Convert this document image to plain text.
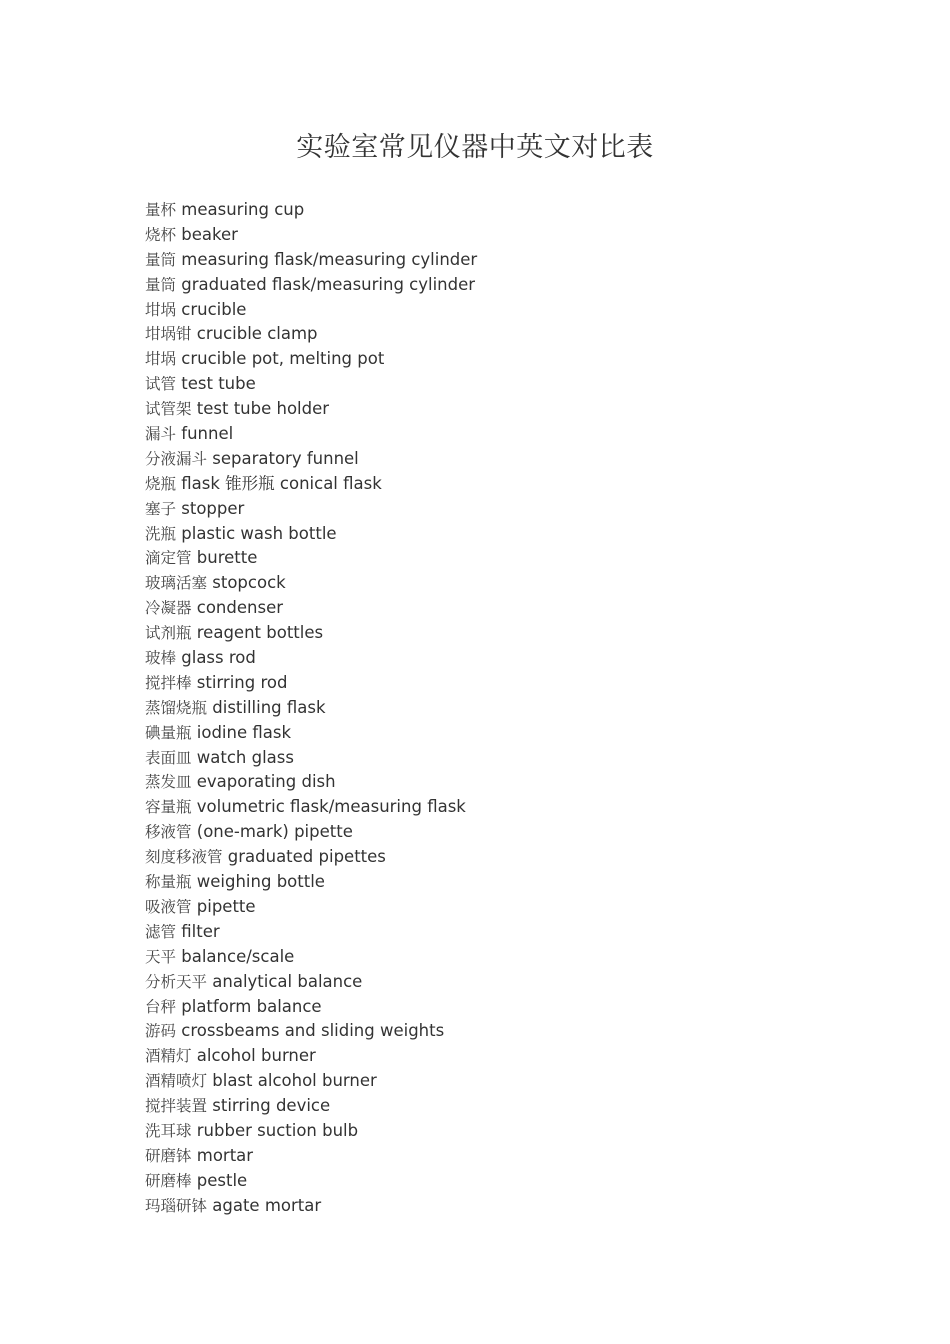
实验室常见仪器中英文对比表
量杯 measuring cup
烧杯 beaker
量筒 measuring flask/measuring cylinder
量筒 graduated flask/measuring cylinder
坩埚 crucible
坩埚钳 crucible clamp
坩埚 crucible pot, melting pot
试管 test tube
试管架 test tube holder
漏斗 funnel
分液漏斗 separatory funnel
烧瓶 flask 锥形瓶 conical flask
塞子 stopper
洗瓶 plastic wash bottle
滴定管 burette
玻璃活塞 stopcock
冷凝器 condenser
试剂瓶 reagent bottles
玻棒 glass rod
搅拌棒 stirring rod
蒸馏烧瓶 distilling flask
碘量瓶 iodine flask
表面皿 watch glass
蒸发皿 evaporating dish
容量瓶 volumetric flask/measuring flask
移液管 (one-mark) pipette
刻度移液管 graduated pipettes
称量瓶 weighing bottle
吸液管 pipette
滤管 filter
天平 balance/scale
分析天平 analytical balance
台秤 platform balance
游码 crossbeams and sliding weights
酒精灯 alcohol burner
酒精喷灯 blast alcohol burner
搅拌装置 stirring device
洗耳球 rubber suction bulb
研磨钵 mortar
研磨棒 pestle
玛瑙研钵 agate mortar
